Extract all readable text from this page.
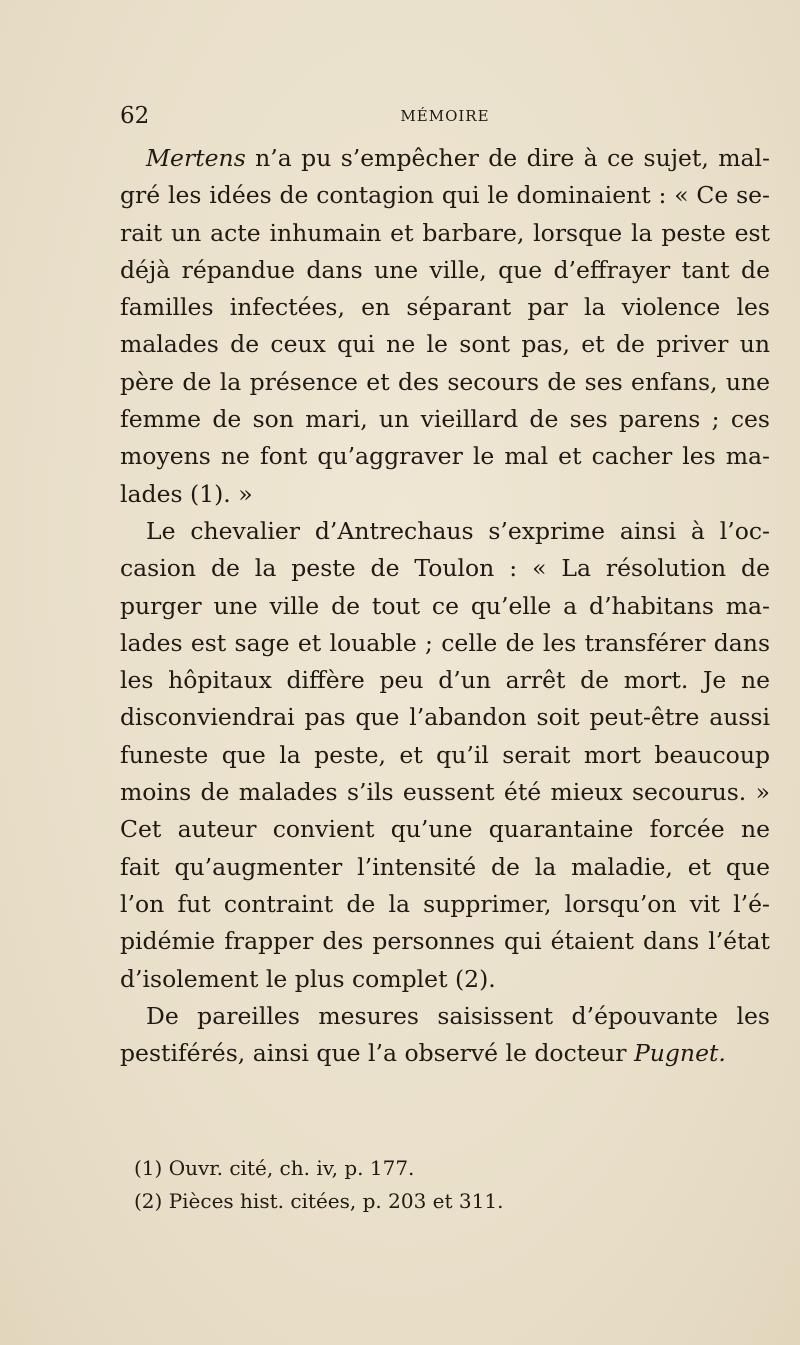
62	MÉMOIRE
Mertens n’a pu s’empêcher de dire à ce sujet, mal-
gré les idées de contagion qui le dominaient : « Ce se-
rait un acte inhumain et barbare, lorsque la peste est
déjà répandue dans une ville, que d’effrayer tant de
familles infectées, en séparant par la violence les
malades de ceux qui ne le sont pas, et de priver un
père de la présence et des secours de ses enfans, une
femme de son mari, un vieillard de ses parens ; ces
moyens ne font qu’aggraver le mal et cacher les ma-
lades (1). »
Le chevalier d’Antrechaus s’exprime ainsi à l’oc-
casion de la peste de Toulon : « La résolution de
purger une ville de tout ce qu’elle a d’habitans ma-
lades est sage et louable ; celle de les transférer dans
les hôpitaux diffère peu d’un arrêt de mort. Je ne
disconviendrai pas que l’abandon soit peut-être aussi
funeste que la peste, et qu’il serait mort beaucoup
moins de malades s’ils eussent été mieux secourus. »
Cet auteur convient qu’une quarantaine forcée ne
fait qu’augmenter l’intensité de la maladie, et que
l’on fut contraint de la supprimer, lorsqu’on vit l’é-
pidémie frapper des personnes qui étaient dans l’état
d’isolement le plus complet (2).
De pareilles mesures saisissent d’épouvante les
pestiférés, ainsi que l’a observé le docteur Pugnet.
(1) Ouvr. cité, ch. iv, p. 177.
(2) Pièces hist. citées, p. 203 et 311.
